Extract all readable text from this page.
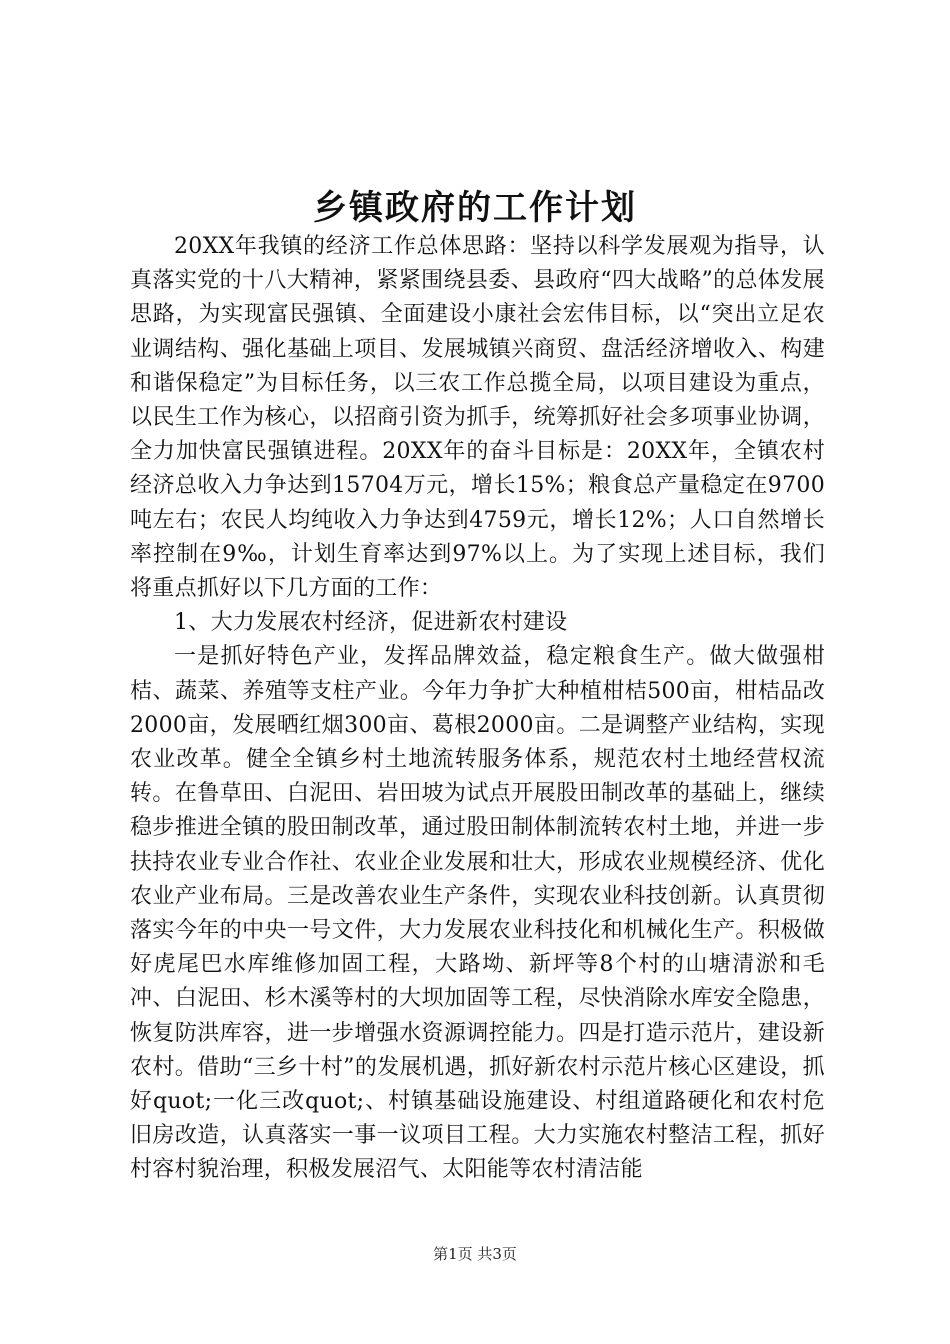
乡镇政府的工作计划

20XX年我镇的经济工作总体思路：坚持以科学发展观为指导，认真落实党的十八大精神，紧紧围绕县委、县政府“四大战略”的总体发展思路，为实现富民强镇、全面建设小康社会宏伟目标，以“突出立足农业调结构、强化基础上项目、发展城镇兴商贸、盘活经济增收入、构建和谐保稳定”为目标任务，以三农工作总揽全局，以项目建设为重点，以民生工作为核心，以招商引资为抓手，统筹抓好社会多项事业协调，全力加快富民强镇进程。20XX年的奋斗目标是：20XX年，全镇农村经济总收入力争达到15704万元，增长15%；粮食总产量稳定在9700吨左右；农民人均纯收入力争达到4759元，增长12%；人口自然增长率控制在9‰，计划生育率达到97%以上。为了实现上述目标，我们将重点抓好以下几方面的工作：

1、大力发展农村经济，促进新农村建设

一是抓好特色产业，发挥品牌效益，稳定粮食生产。做大做强柑桔、蔬菜、养殖等支柱产业。今年力争扩大种植柑桔500亩，柑桔品改2000亩，发展晒红烟300亩、葛根2000亩。二是调整产业结构，实现农业改革。健全全镇乡村土地流转服务体系，规范农村土地经营权流转。在鲁草田、白泥田、岩田坡为试点开展股田制改革的基础上，继续稳步推进全镇的股田制改革，通过股田制体制流转农村土地，并进一步扶持农业专业合作社、农业企业发展和壮大，形成农业规模经济、优化农业产业布局。三是改善农业生产条件，实现农业科技创新。认真贯彻落实今年的中央一号文件，大力发展农业科技化和机械化生产。积极做好虎尾巴水库维修加固工程，大路坳、新坪等8个村的山塘清淤和毛冲、白泥田、杉木溪等村的大坝加固等工程，尽快消除水库安全隐患，恢复防洪库容，进一步增强水资源调控能力。四是打造示范片，建设新农村。借助“三乡十村”的发展机遇，抓好新农村示范片核心区建设，抓好quot;一化三改quot;、村镇基础设施建设、村组道路硬化和农村危旧房改造，认真落实一事一议项目工程。大力实施农村整洁工程，抓好村容村貌治理，积极发展沼气、太阳能等农村清洁能

第1页 共3页
